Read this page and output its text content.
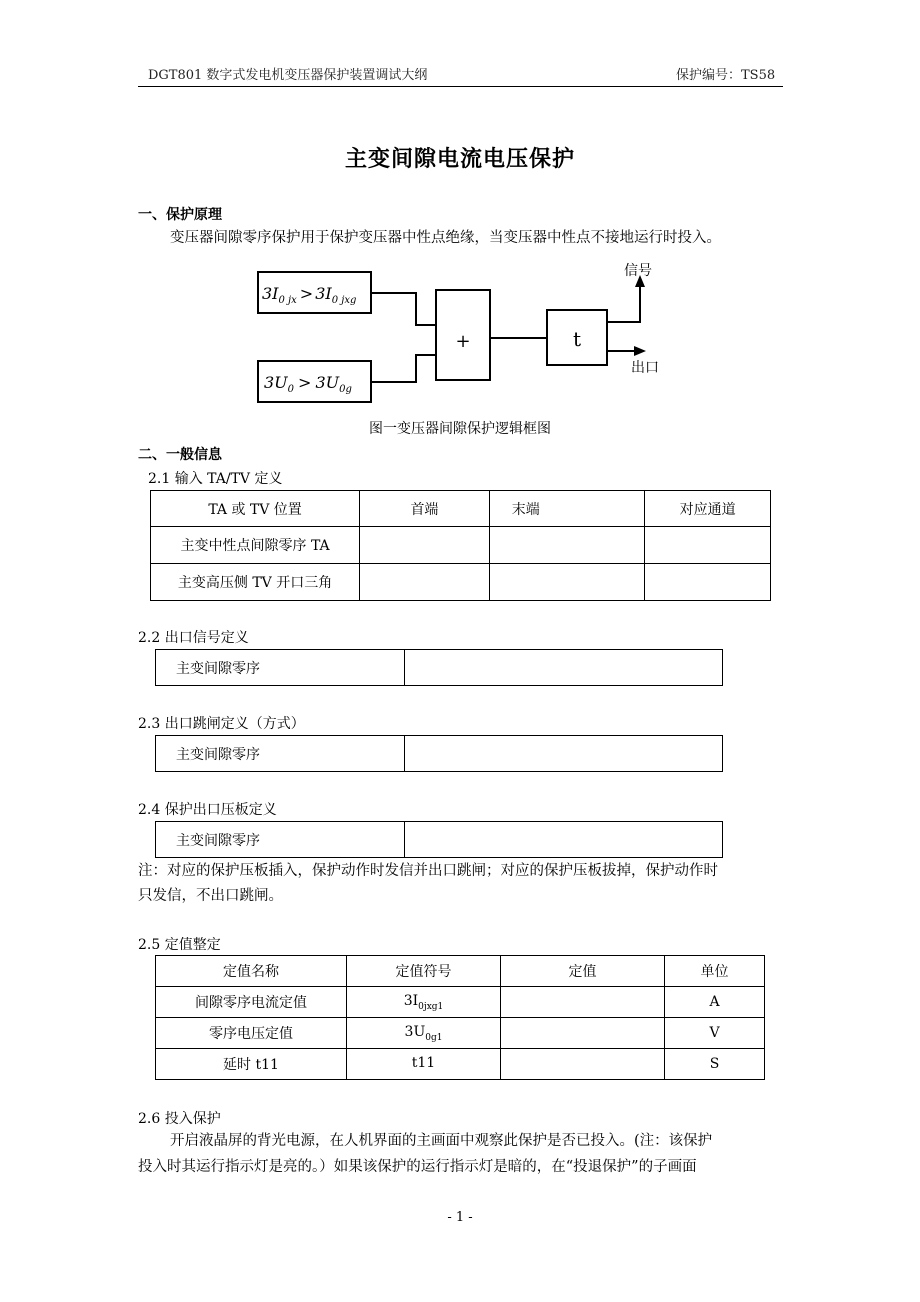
DGT801 数字式发电机变压器保护装置调试大纲	保护编号：TS58
主变间隙电流电压保护
一、保护原理
变压器间隙零序保护用于保护变压器中性点绝缘，当变压器中性点不接地运行时投入。
$3I_{0 jx} > 3I_{0 jxg}$
$3U_0 > 3U_{0g}$
+	t
信号
出口
图一变压器间隙保护逻辑框图
二、一般信息
2.1 输入 TA/TV 定义
TA 或 TV 位置	首端	末端	对应通道
主变中性点间隙零序 TA			
主变高压侧 TV 开口三角			
2.2 出口信号定义
主变间隙零序	
2.3 出口跳闸定义（方式）
主变间隙零序	
2.4 保护出口压板定义
主变间隙零序	
注：对应的保护压板插入，保护动作时发信并出口跳闸；对应的保护压板拔掉，保护动作时
只发信，不出口跳闸。
2.5 定值整定
定值名称	定值符号	定值	单位
间隙零序电流定值	$3I_{0jxg1}$		A
零序电压定值	$3U_{0g1}$		V
延时 t11	t11		S
2.6 投入保护
开启液晶屏的背光电源，在人机界面的主画面中观察此保护是否已投入。(注：该保护
投入时其运行指示灯是亮的。）如果该保护的运行指示灯是暗的，在“投退保护”的子画面
- 1 -
